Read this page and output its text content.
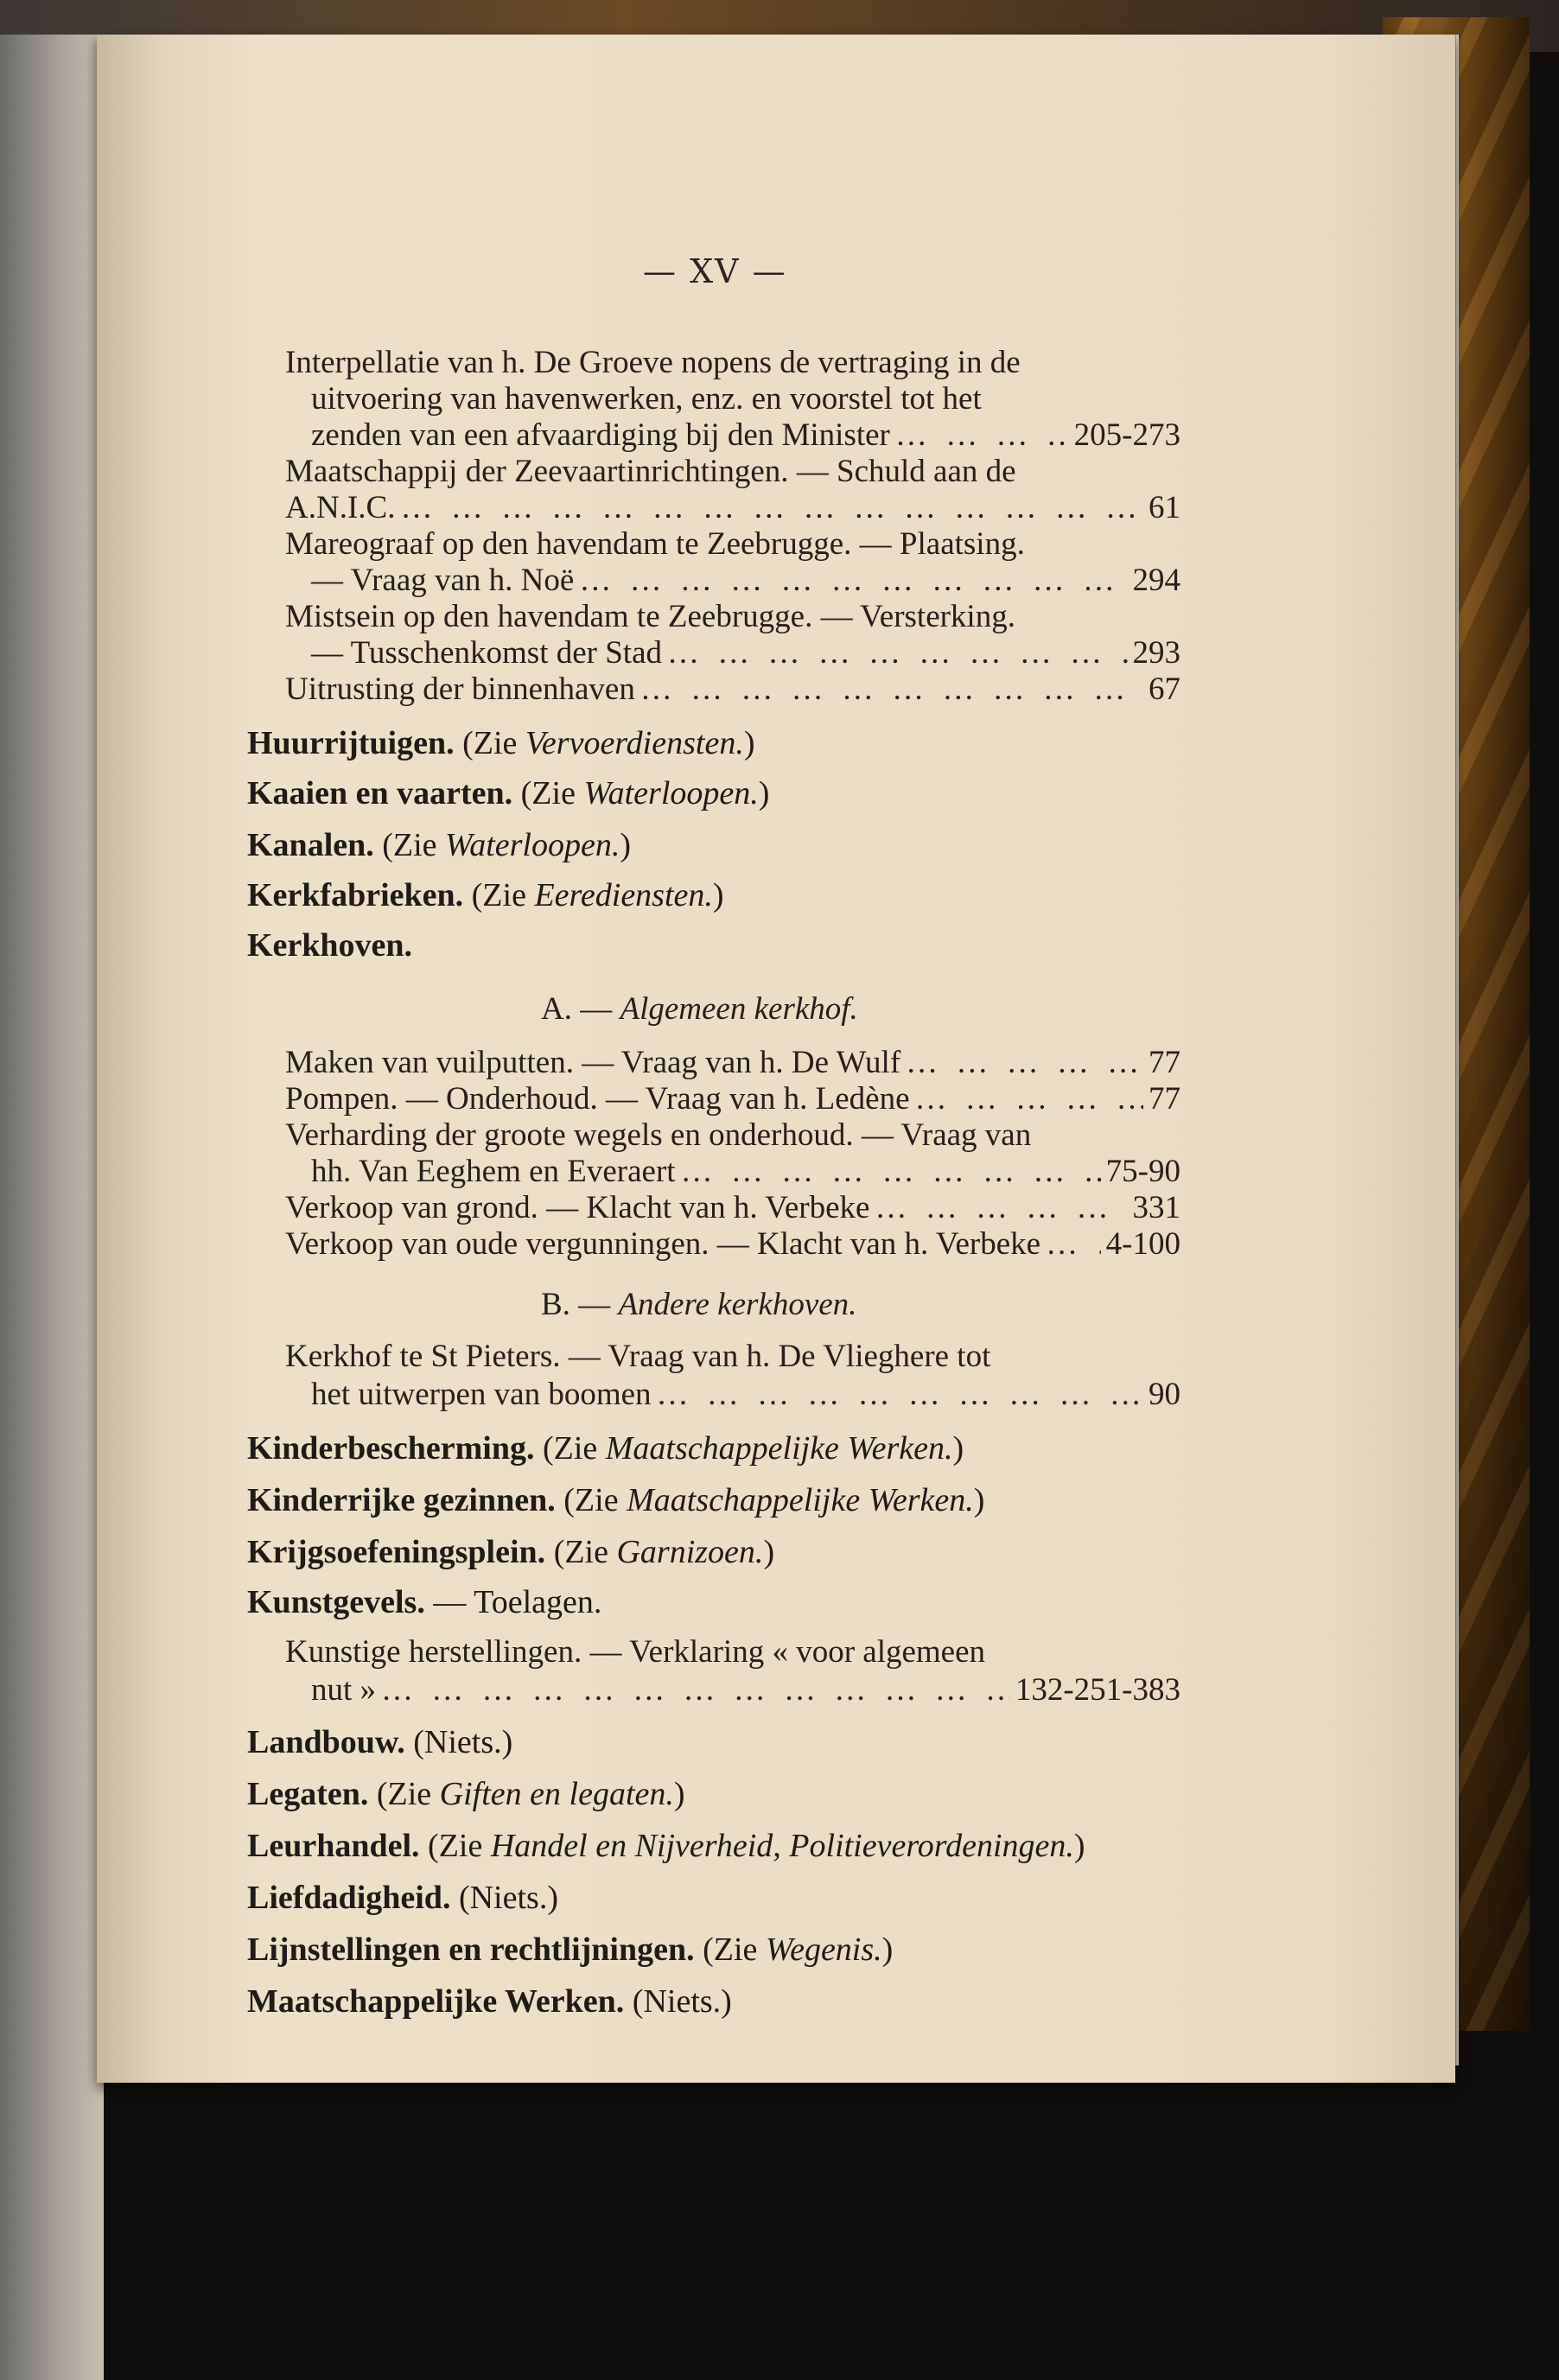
— XV —
Interpellatie van h. De Groeve nopens de vertraging in de
uitvoering van havenwerken, enz. en voorstel tot het
zenden van een afvaardiging bij den Minister … … … … … … … … … … … … … … … … … … … … … … … … … … … … … …	205-273
Maatschappij der Zeevaartinrichtingen. — Schuld aan de
A.N.I.C. … … … … … … … … … … … … … … … … … … … … … … … … … … … … … …	61
Mareograaf op den havendam te Zeebrugge. — Plaatsing.
— Vraag van h. Noë … … … … … … … … … … … … … … … … … … … … … … … … … … … … … …	294
Mistsein op den havendam te Zeebrugge. — Versterking.
— Tusschenkomst der Stad … … … … … … … … … … … … … … … … … … … … … … … … … … … … … …	293
Uitrusting der binnenhaven … … … … … … … … … … … … … … … … … … … … … … … … … … … … … …	67
Huurrijtuigen. (Zie Vervoerdiensten.)
Kaaien en vaarten. (Zie Waterloopen.)
Kanalen. (Zie Waterloopen.)
Kerkfabrieken. (Zie Eerediensten.)
Kerkhoven.
A. — Algemeen kerkhof.
Maken van vuilputten. — Vraag van h. De Wulf … … … … … … … … … … … … … … … … … … … … … … … … … … … … … …	77
Pompen. — Onderhoud. — Vraag van h. Ledène … … … … … … … … … … … … … … … … … … … … … … … … … … … … … …	77
Verharding der groote wegels en onderhoud. — Vraag van
hh. Van Eeghem en Everaert … … … … … … … … … … … … … … … … … … … … … … … … … … … … … …	75-90
Verkoop van grond. — Klacht van h. Verbeke … … … … … … … … … … … … … … … … … … … … … … … … … … … … … …	331
Verkoop van oude vergunningen. — Klacht van h. Verbeke … … … … … … … … … … … … … … … … … … … … … … … … … … … … … … 4-100
B. — Andere kerkhoven.
Kerkhof te St Pieters. — Vraag van h. De Vlieghere tot
het uitwerpen van boomen … … … … … … … … … … … … … … … … … … … … … … … … … … … … … …	90
Kinderbescherming. (Zie Maatschappelijke Werken.)
Kinderrijke gezinnen. (Zie Maatschappelijke Werken.)
Krijgsoefeningsplein. (Zie Garnizoen.)
Kunstgevels. — Toelagen.
Kunstige herstellingen. — Verklaring « voor algemeen
nut » … … … … … … … … … … … … … … … … … … … … … … … … … … … … … …	132-251-383
Landbouw. (Niets.)
Legaten. (Zie Giften en legaten.)
Leurhandel. (Zie Handel en Nijverheid, Politieverordeningen.)
Liefdadigheid. (Niets.)
Lijnstellingen en rechtlijningen. (Zie Wegenis.)
Maatschappelijke Werken. (Niets.)
